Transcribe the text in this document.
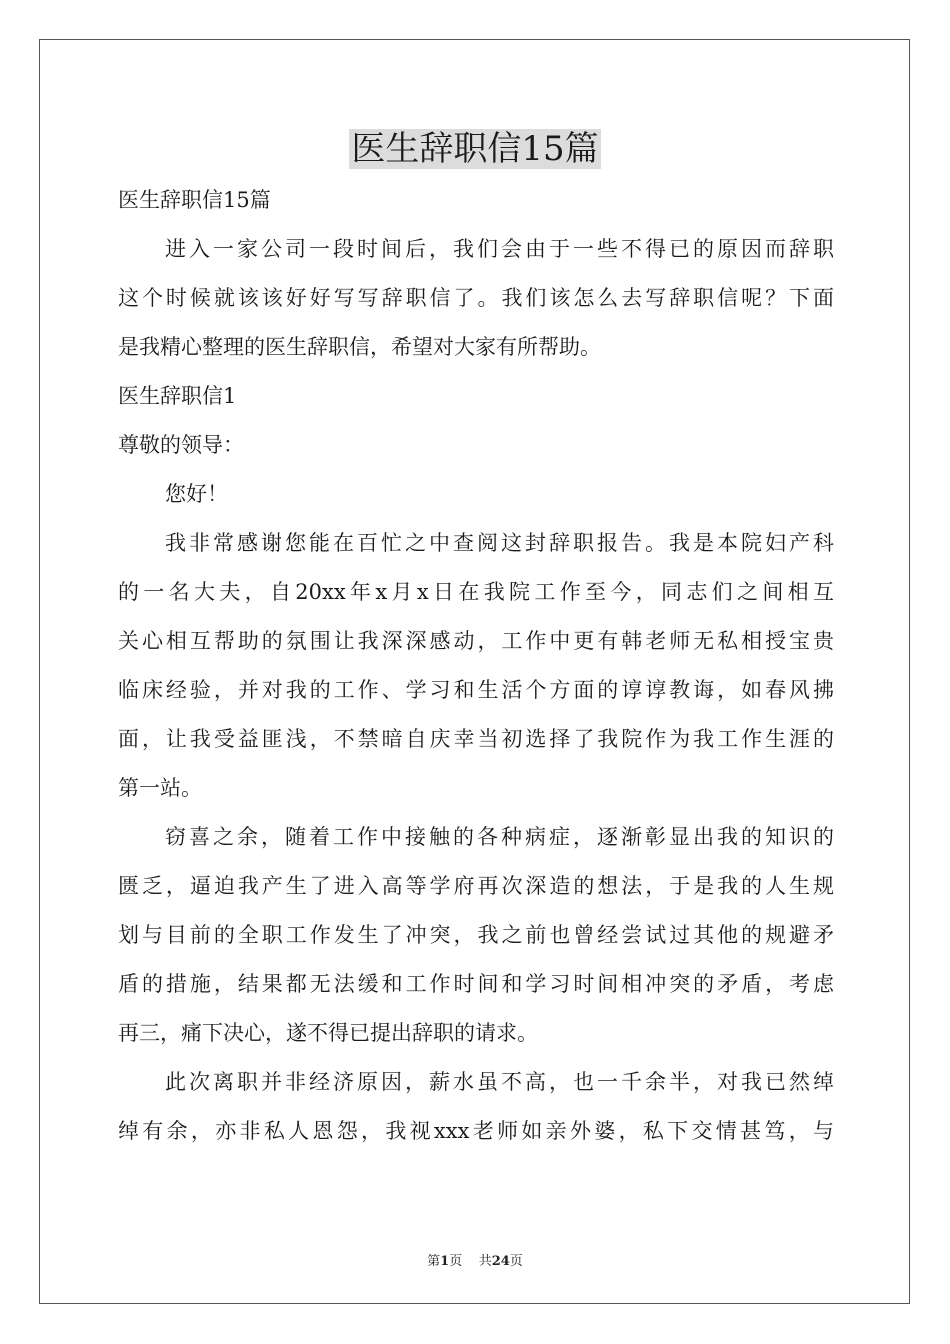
医生辞职信15篇

医生辞职信15篇

进入一家公司一段时间后，我们会由于一些不得已的原因而辞职

这个时候就该该好好写写辞职信了。我们该怎么去写辞职信呢？下面

是我精心整理的医生辞职信，希望对大家有所帮助。

医生辞职信1

尊敬的领导：

您好！

我非常感谢您能在百忙之中查阅这封辞职报告。我是本院妇产科

的一名大夫，自20xx年x月x日在我院工作至今，同志们之间相互

关心相互帮助的氛围让我深深感动，工作中更有韩老师无私相授宝贵

临床经验，并对我的工作、学习和生活个方面的谆谆教诲，如春风拂

面，让我受益匪浅，不禁暗自庆幸当初选择了我院作为我工作生涯的

第一站。

窃喜之余，随着工作中接触的各种病症，逐渐彰显出我的知识的

匮乏，逼迫我产生了进入高等学府再次深造的想法，于是我的人生规

划与目前的全职工作发生了冲突，我之前也曾经尝试过其他的规避矛

盾的措施，结果都无法缓和工作时间和学习时间相冲突的矛盾，考虑

再三，痛下决心，遂不得已提出辞职的请求。

此次离职并非经济原因，薪水虽不高，也一千余半，对我已然绰

绰有余，亦非私人恩怨，我视xxx老师如亲外婆，私下交情甚笃，与

第1页 共24页
